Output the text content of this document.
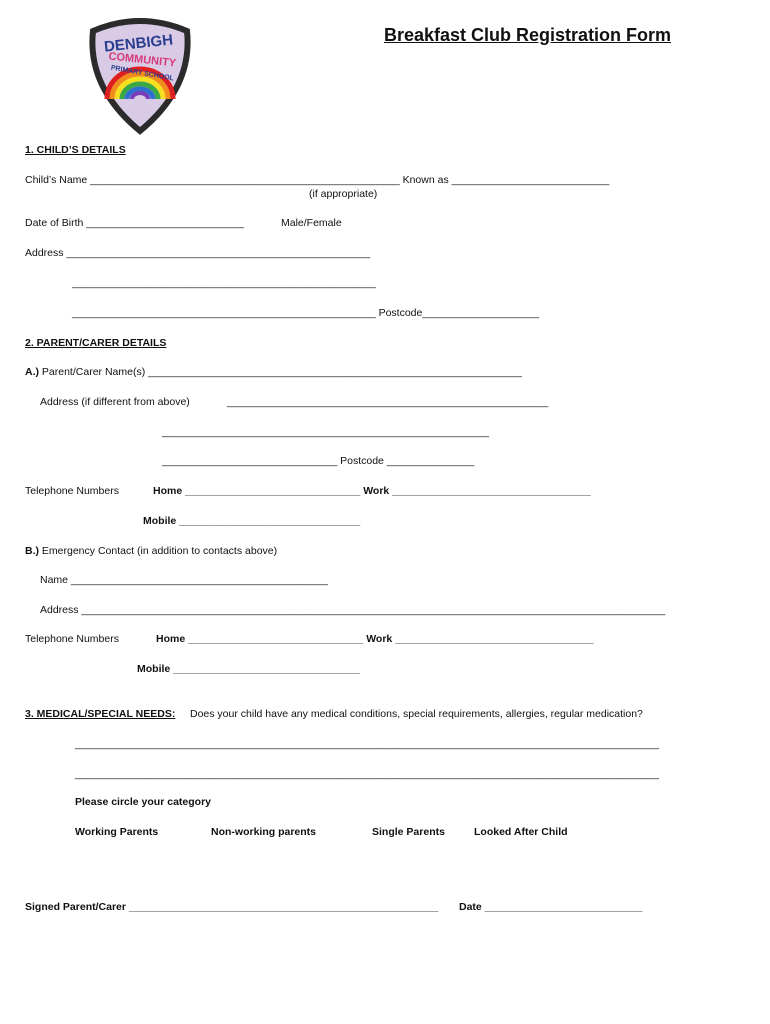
DENBIGH
COMMUNITY
PRIMARY SCHOOL
Breakfast Club Registration Form
1. CHILD’S DETAILS
Child’s Name _____________________________________________________ Known as ___________________________
(if appropriate)
Date of Birth ___________________________	Male/Female
Address ____________________________________________________
____________________________________________________
____________________________________________________ Postcode____________________
2. PARENT/CARER DETAILS
A.) Parent/Carer Name(s) ________________________________________________________________
Address (if different from above)	_______________________________________________________
________________________________________________________
______________________________ Postcode _______________
Telephone Numbers	Home ______________________________ Work __________________________________
Mobile _______________________________
B.) Emergency Contact (in addition to contacts above)
Name ____________________________________________
Address ____________________________________________________________________________________________________
Telephone Numbers	Home ______________________________ Work __________________________________
Mobile ________________________________
3. MEDICAL/SPECIAL NEEDS: Does your child have any medical conditions, special requirements, allergies, regular medication?
____________________________________________________________________________________________________
____________________________________________________________________________________________________
Please circle your category
Working Parents	Non-working parents	Single Parents	Looked After Child
Signed Parent/Carer _____________________________________________________ Date ___________________________
